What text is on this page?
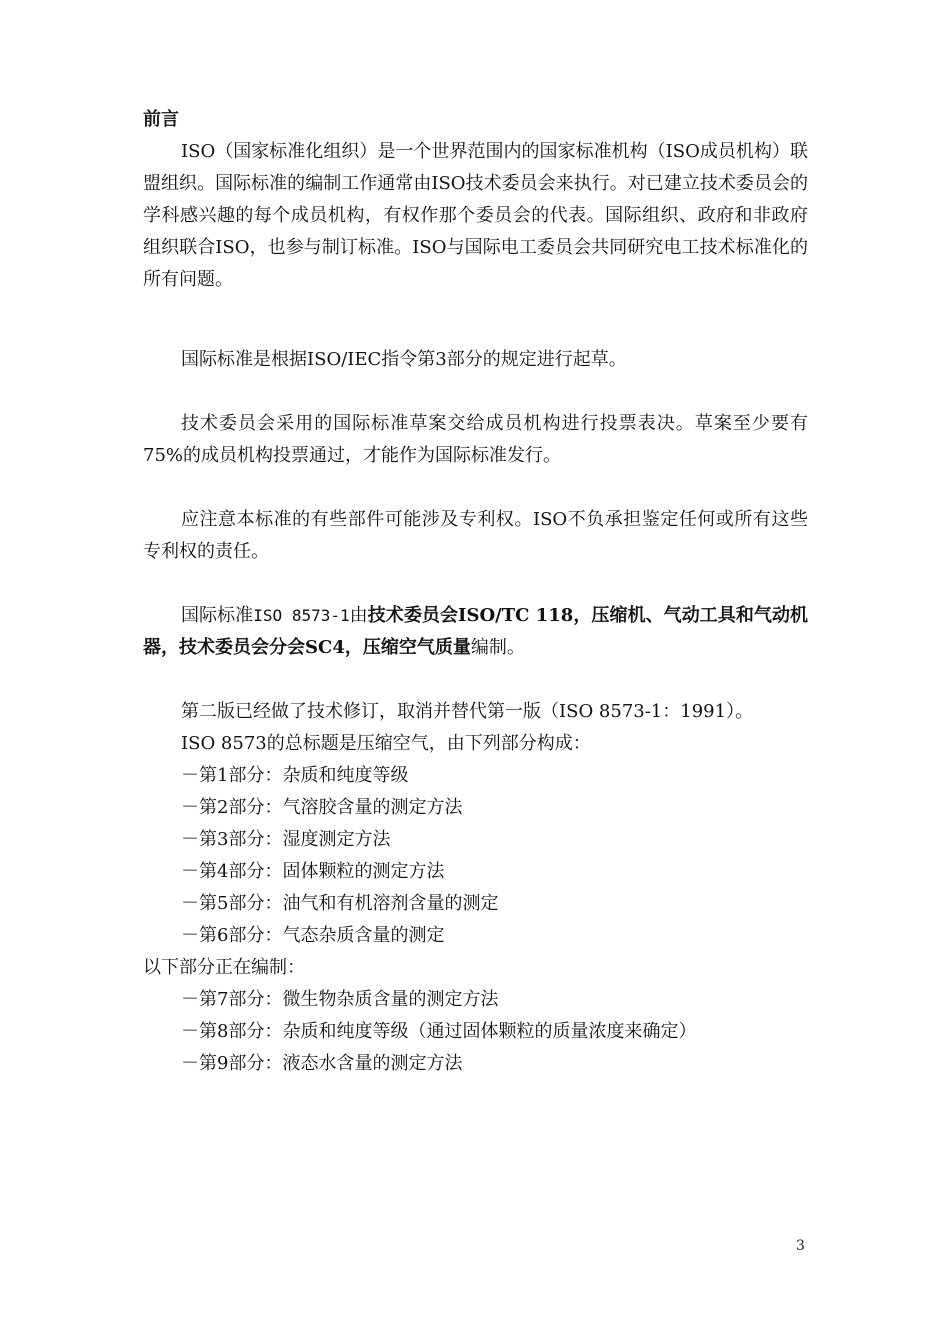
前言

ISO（国家标准化组织）是一个世界范围内的国家标准机构（ISO成员机构）联盟组织。国际标准的编制工作通常由ISO技术委员会来执行。对已建立技术委员会的学科感兴趣的每个成员机构，有权作那个委员会的代表。国际组织、政府和非政府组织联合ISO，也参与制订标准。ISO与国际电工委员会共同研究电工技术标准化的所有问题。

国际标准是根据ISO/IEC指令第3部分的规定进行起草。

技术委员会采用的国际标准草案交给成员机构进行投票表决。草案至少要有75%的成员机构投票通过，才能作为国际标准发行。

应注意本标准的有些部件可能涉及专利权。ISO不负承担鉴定任何或所有这些专利权的责任。

国际标准ISO 8573-1由技术委员会ISO/TC 118，压缩机、气动工具和气动机器，技术委员会分会SC4，压缩空气质量编制。

第二版已经做了技术修订，取消并替代第一版（ISO 8573-1：1991）。

ISO 8573的总标题是压缩空气，由下列部分构成：

－第1部分：杂质和纯度等级

－第2部分：气溶胶含量的测定方法

－第3部分：湿度测定方法

－第4部分：固体颗粒的测定方法

－第5部分：油气和有机溶剂含量的测定

－第6部分：气态杂质含量的测定

以下部分正在编制：

－第7部分：微生物杂质含量的测定方法

－第8部分：杂质和纯度等级（通过固体颗粒的质量浓度来确定）

－第9部分：液态水含量的测定方法

3
